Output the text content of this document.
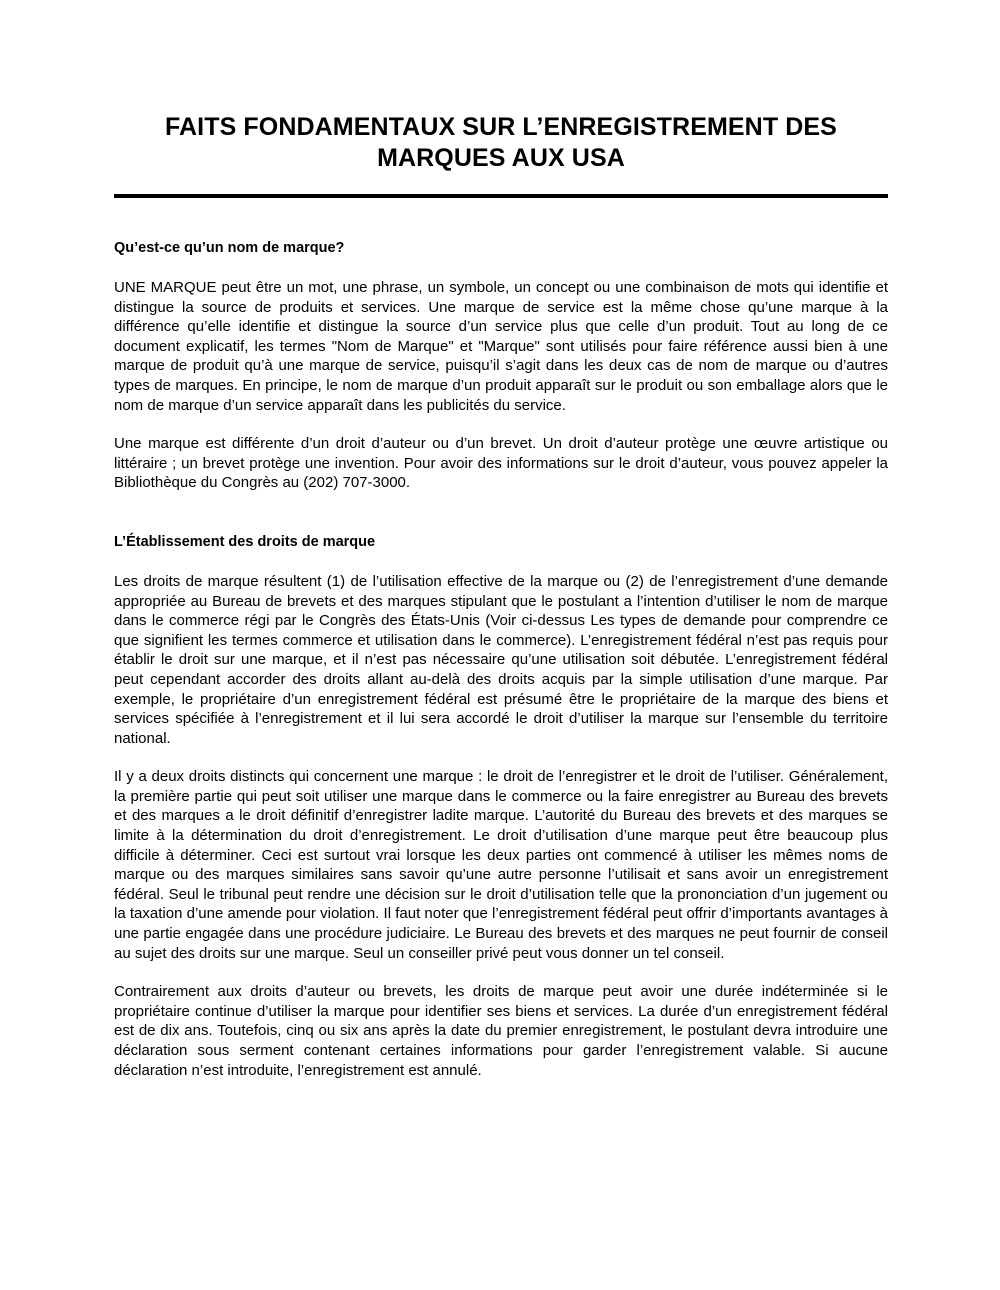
FAITS FONDAMENTAUX SUR L’ENREGISTREMENT DES MARQUES AUX USA
Qu’est-ce qu’un nom de marque?

UNE MARQUE peut être un mot, une phrase, un symbole, un concept ou une combinaison de mots qui identifie et distingue la source de produits et services. Une marque de service est la même chose qu’une marque à la différence qu’elle identifie et distingue la source d’un service plus que celle d’un produit. Tout au long de ce document explicatif, les termes "Nom de Marque" et "Marque" sont utilisés pour faire référence aussi bien à une marque de produit qu’à une marque de service, puisqu’il s’agit dans les deux cas de nom de marque ou d’autres types de marques. En principe, le nom de marque d’un produit apparaît sur le produit ou son emballage alors que le nom de marque d’un service apparaît dans les publicités du service.

Une marque est différente d’un droit d’auteur ou d’un brevet. Un droit d’auteur protège une œuvre artistique ou littéraire ; un brevet protège une invention. Pour avoir des informations sur le droit d’auteur, vous pouvez appeler la Bibliothèque du Congrès au (202) 707-3000.

L’Établissement des droits de marque

Les droits de marque résultent (1) de l’utilisation effective de la marque ou (2) de l’enregistrement d’une demande appropriée au Bureau de brevets et des marques stipulant que le postulant a l’intention d’utiliser le nom de marque dans le commerce régi par le Congrès des États-Unis (Voir ci-dessus Les types de demande pour comprendre ce que signifient les termes commerce et utilisation dans le commerce). L’enregistrement fédéral n’est pas requis pour établir le droit sur une marque, et il n’est pas nécessaire qu’une utilisation soit débutée. L’enregistrement fédéral peut cependant accorder des droits allant au-delà des droits acquis par la simple utilisation d’une marque. Par exemple, le propriétaire d’un enregistrement fédéral est présumé être le propriétaire de la marque des biens et services spécifiée à l’enregistrement et il lui sera accordé le droit d’utiliser la marque sur l’ensemble du territoire national.

Il y a deux droits distincts qui concernent une marque : le droit de l’enregistrer et le droit de l’utiliser. Généralement, la première partie qui peut soit utiliser une marque dans le commerce ou la faire enregistrer au Bureau des brevets et des marques a le droit définitif d’enregistrer ladite marque. L’autorité du Bureau des brevets et des marques se limite à la détermination du droit d’enregistrement. Le droit d’utilisation d’une marque peut être beaucoup plus difficile à déterminer. Ceci est surtout vrai lorsque les deux parties ont commencé à utiliser les mêmes noms de marque ou des marques similaires sans savoir qu’une autre personne l’utilisait et sans avoir un enregistrement fédéral. Seul le tribunal peut rendre une décision sur le droit d’utilisation telle que la prononciation d’un jugement ou la taxation d’une amende pour violation. Il faut noter que l’enregistrement fédéral peut offrir d’importants avantages à une partie engagée dans une procédure judiciaire. Le Bureau des brevets et des marques ne peut fournir de conseil au sujet des droits sur une marque. Seul un conseiller privé peut vous donner un tel conseil.

Contrairement aux droits d’auteur ou brevets, les droits de marque peut avoir une durée indéterminée si le propriétaire continue d’utiliser la marque pour identifier ses biens et services. La durée d’un enregistrement fédéral est de dix ans. Toutefois, cinq ou six ans après la date du premier enregistrement, le postulant devra introduire une déclaration sous serment contenant certaines informations pour garder l’enregistrement valable. Si aucune déclaration n’est introduite, l’enregistrement est annulé.
